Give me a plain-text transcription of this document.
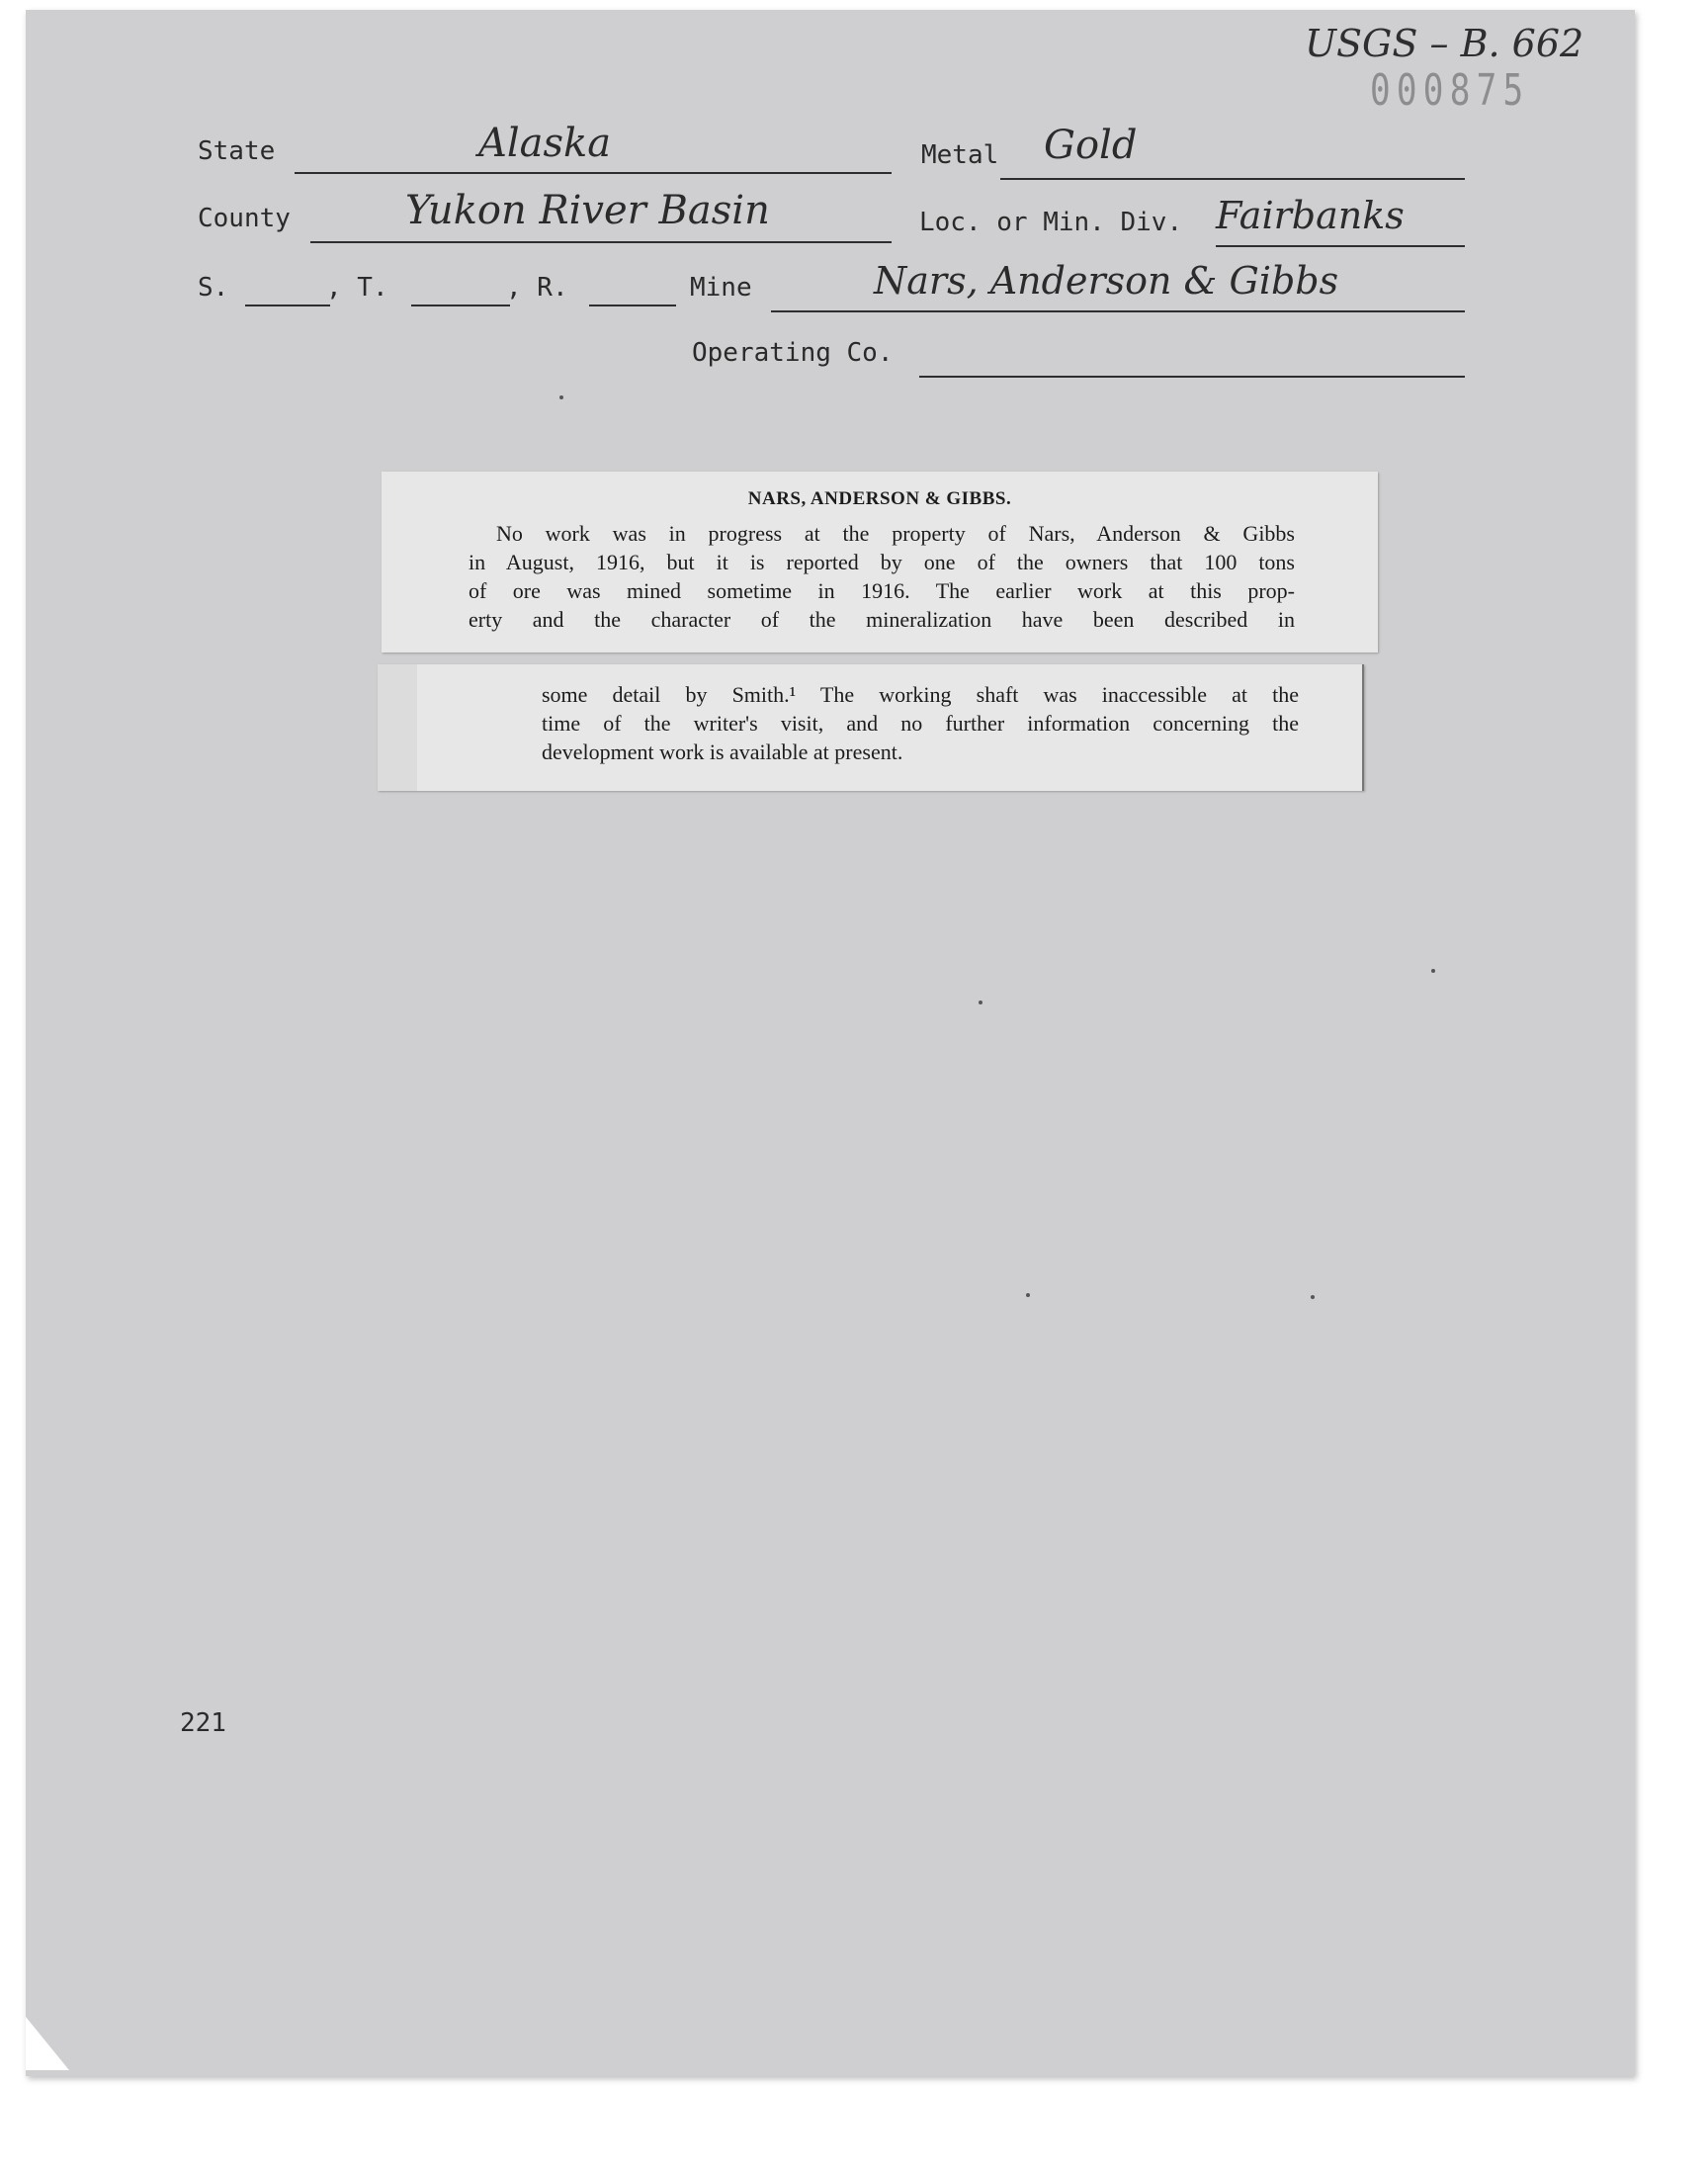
USGS – B. 662
000875
State	Alaska	Metal Gold
County	Yukon River Basin	Loc. or Min. Div. Fairbanks
S.	, T.	, R.	Mine	Nars, Anderson & Gibbs
Operating Co.
NARS, ANDERSON & GIBBS.

No work was in progress at the property of Nars, Anderson & Gibbs

in August, 1916, but it is reported by one of the owners that 100 tons

of ore was mined sometime in 1916. The earlier work at this prop-

erty and the character of the mineralization have been described in

some detail by Smith.¹ The working shaft was inaccessible at the

time of the writer's visit, and no further information concerning the

development work is available at present.

221
